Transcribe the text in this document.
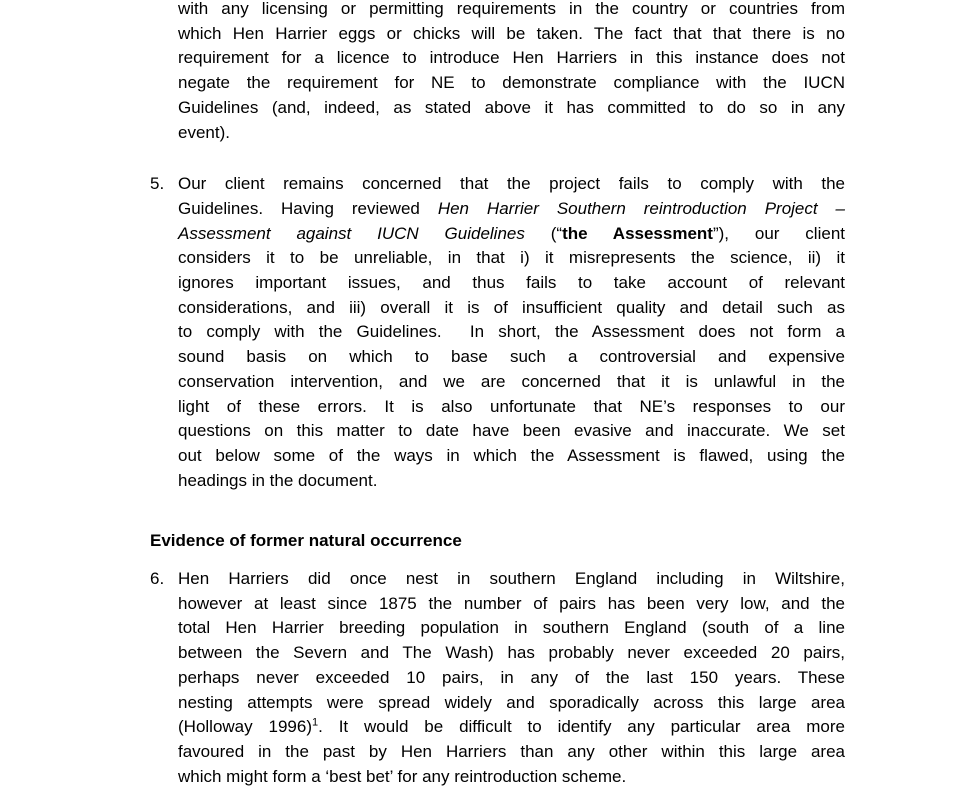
with any licensing or permitting requirements in the country or countries from
which Hen Harrier eggs or chicks will be taken. The fact that that there is no
requirement for a licence to introduce Hen Harriers in this instance does not
negate the requirement for NE to demonstrate compliance with the IUCN
Guidelines (and, indeed, as stated above it has committed to do so in any
event).
5. Our client remains concerned that the project fails to comply with the
Guidelines. Having reviewed Hen Harrier Southern reintroduction Project –
Assessment against IUCN Guidelines (“the Assessment”), our client
considers it to be unreliable, in that i) it misrepresents the science, ii) it
ignores important issues, and thus fails to take account of relevant
considerations, and iii) overall it is of insufficient quality and detail such as
to comply with the Guidelines.  In short, the Assessment does not form a
sound basis on which to base such a controversial and expensive
conservation intervention, and we are concerned that it is unlawful in the
light of these errors. It is also unfortunate that NE’s responses to our
questions on this matter to date have been evasive and inaccurate. We set
out below some of the ways in which the Assessment is flawed, using the
headings in the document.
Evidence of former natural occurrence
6. Hen Harriers did once nest in southern England including in Wiltshire,
however at least since 1875 the number of pairs has been very low, and the
total Hen Harrier breeding population in southern England (south of a line
between the Severn and The Wash) has probably never exceeded 20 pairs,
perhaps never exceeded 10 pairs, in any of the last 150 years. These
nesting attempts were spread widely and sporadically across this large area
(Holloway 1996)$^1$. It would be difficult to identify any particular area more
favoured in the past by Hen Harriers than any other within this large area
which might form a ‘best bet’ for any reintroduction scheme.
